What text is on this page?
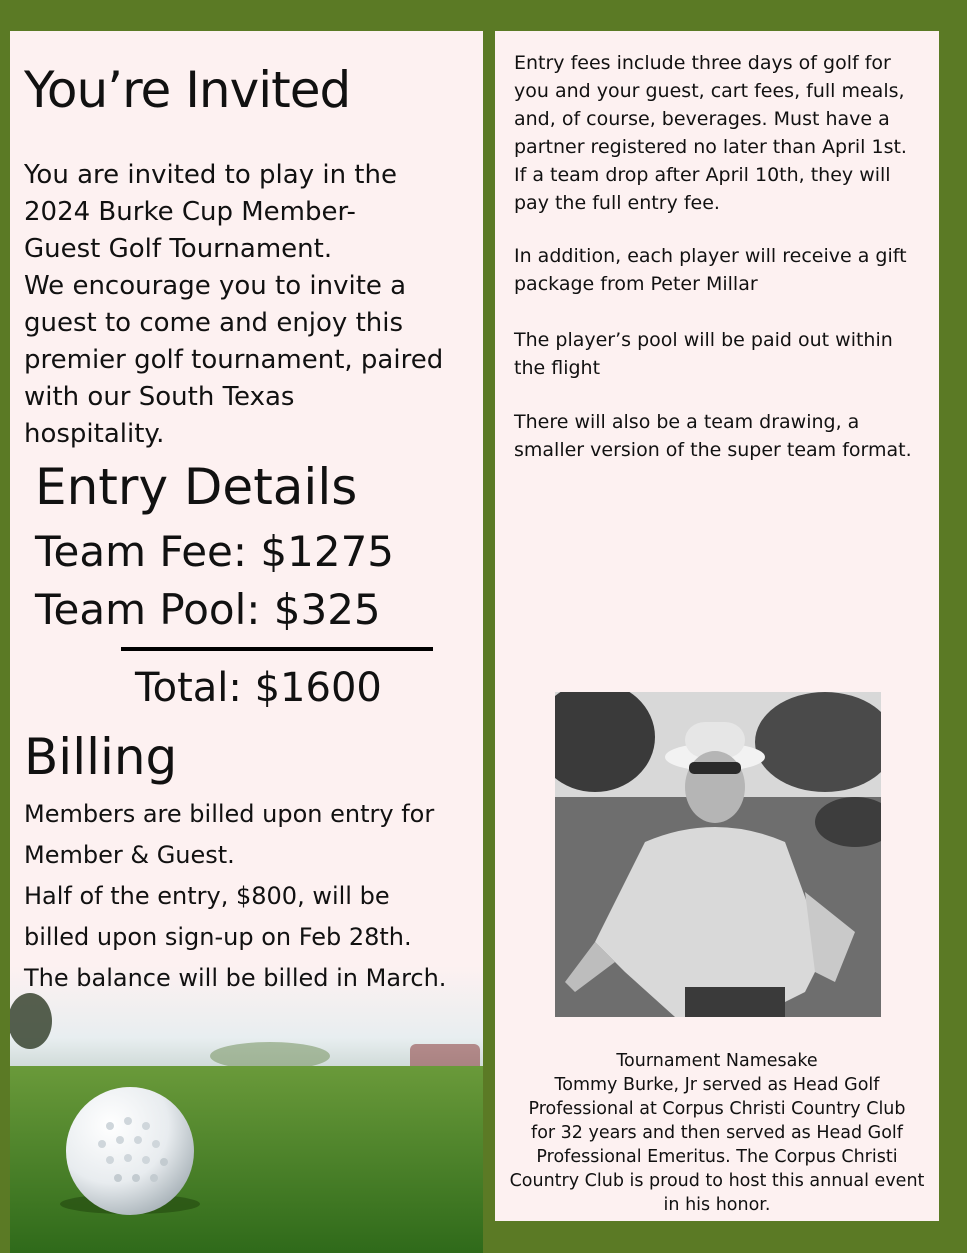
You’re Invited
You are invited to play in the
2024 Burke Cup Member-
Guest Golf Tournament.
We encourage you to invite a
guest to come and enjoy this
premier golf tournament, paired
with our South Texas
hospitality.
Entry Details
Team Fee: $1275
Team Pool: $325
Total: $1600
Billing
Members are billed upon entry for
Member & Guest.
Half of the entry, $800, will be
billed upon sign-up on Feb 28th.
The balance will be billed in March.
Entry fees include three days of golf for
you and your guest, cart fees, full meals,
and, of course, beverages. Must have a
partner registered no later than April 1st.
If a team drop after April 10th, they will
pay the full entry fee.
In addition, each player will receive a gift
package from Peter Millar
The player’s pool will be paid out within
the flight
There will also be a team drawing, a
smaller version of the super team format.
Tournament Namesake
Tommy Burke, Jr served as Head Golf
Professional at Corpus Christi Country Club
for 32 years and then served as Head Golf
Professional Emeritus. The Corpus Christi
Country Club is proud to host this annual event
in his honor.
